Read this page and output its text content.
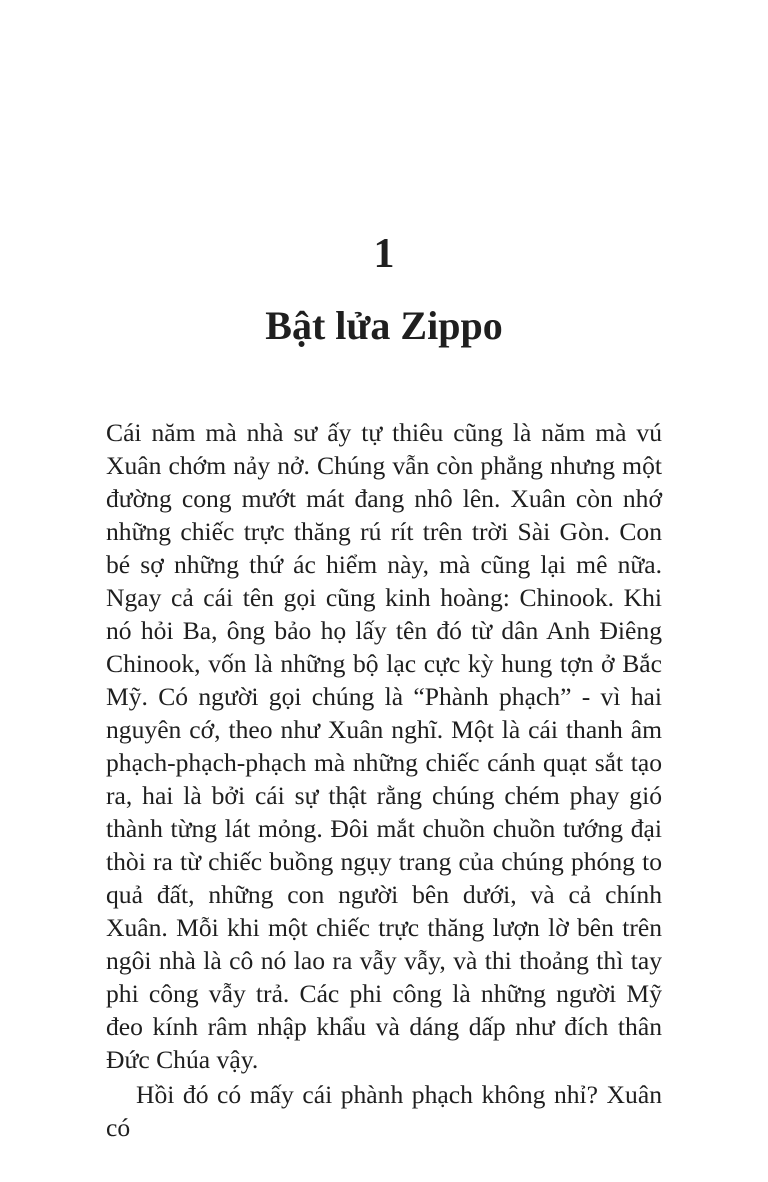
1
Bật lửa Zippo

Cái năm mà nhà sư ấy tự thiêu cũng là năm mà vú Xuân chớm nảy nở. Chúng vẫn còn phẳng nhưng một đường cong mướt mát đang nhô lên. Xuân còn nhớ những chiếc trực thăng rú rít trên trời Sài Gòn. Con bé sợ những thứ ác hiểm này, mà cũng lại mê nữa. Ngay cả cái tên gọi cũng kinh hoàng: Chinook. Khi nó hỏi Ba, ông bảo họ lấy tên đó từ dân Anh Điêng Chinook, vốn là những bộ lạc cực kỳ hung tợn ở Bắc Mỹ. Có người gọi chúng là “Phành phạch” - vì hai nguyên cớ, theo như Xuân nghĩ. Một là cái thanh âm phạch-phạch-phạch mà những chiếc cánh quạt sắt tạo ra, hai là bởi cái sự thật rằng chúng chém phay gió thành từng lát mỏng. Đôi mắt chuồn chuồn tướng đại thòi ra từ chiếc buồng ngụy trang của chúng phóng to quả đất, những con người bên dưới, và cả chính Xuân. Mỗi khi một chiếc trực thăng lượn lờ bên trên ngôi nhà là cô nó lao ra vẫy vẫy, và thi thoảng thì tay phi công vẫy trả. Các phi công là những người Mỹ đeo kính râm nhập khẩu và dáng dấp như đích thân Đức Chúa vậy.

Hồi đó có mấy cái phành phạch không nhỉ? Xuân có
